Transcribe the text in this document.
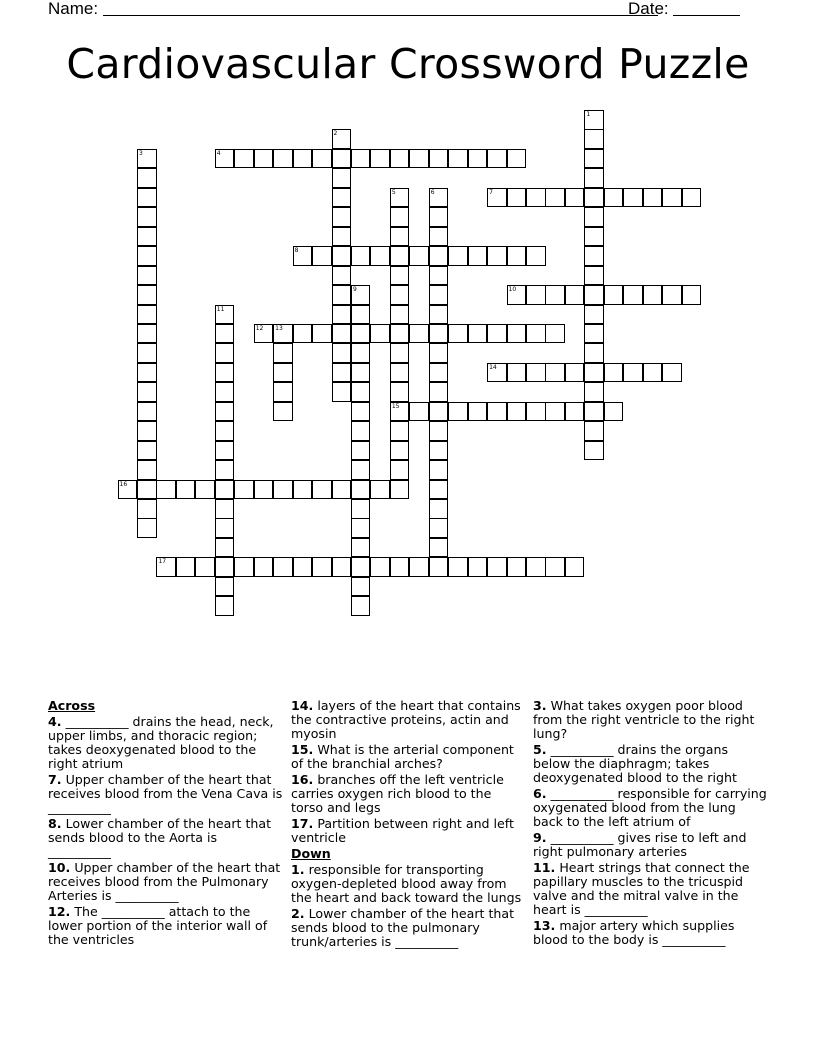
Name:	Date:
Cardiovascular Crossword Puzzle
1
2
3	4
5
15
6	7
8
9	10
11
12 13
14
16
17
Across
4. __________ drains the head, neck, upper limbs, and thoracic region; takes deoxygenated blood to the right atrium
7. Upper chamber of the heart that receives blood from the Vena Cava is __________
8. Lower chamber of the heart that sends blood to the Aorta is __________
10. Upper chamber of the heart that receives blood from the Pulmonary Arteries is __________
12. The __________ attach to the lower portion of the interior wall of the ventricles
14. layers of the heart that contains the contractive proteins, actin and myosin
15. What is the arterial component of the branchial arches?
16. branches off the left ventricle carries oxygen rich blood to the torso and legs
17. Partition between right and left ventricle
Down
1. responsible for transporting oxygen-depleted blood away from the heart and back toward the lungs
2. Lower chamber of the heart that sends blood to the pulmonary trunk/arteries is __________
3. What takes oxygen poor blood from the right ventricle to the right lung?
5. __________ drains the organs below the diaphragm; takes deoxygenated blood to the right
6. __________ responsible for carrying oxygenated blood from the lung back to the left atrium of
9. __________ gives rise to left and right pulmonary arteries
11. Heart strings that connect the papillary muscles to the tricuspid valve and the mitral valve in the heart is __________
13. major artery which supplies blood to the body is __________
